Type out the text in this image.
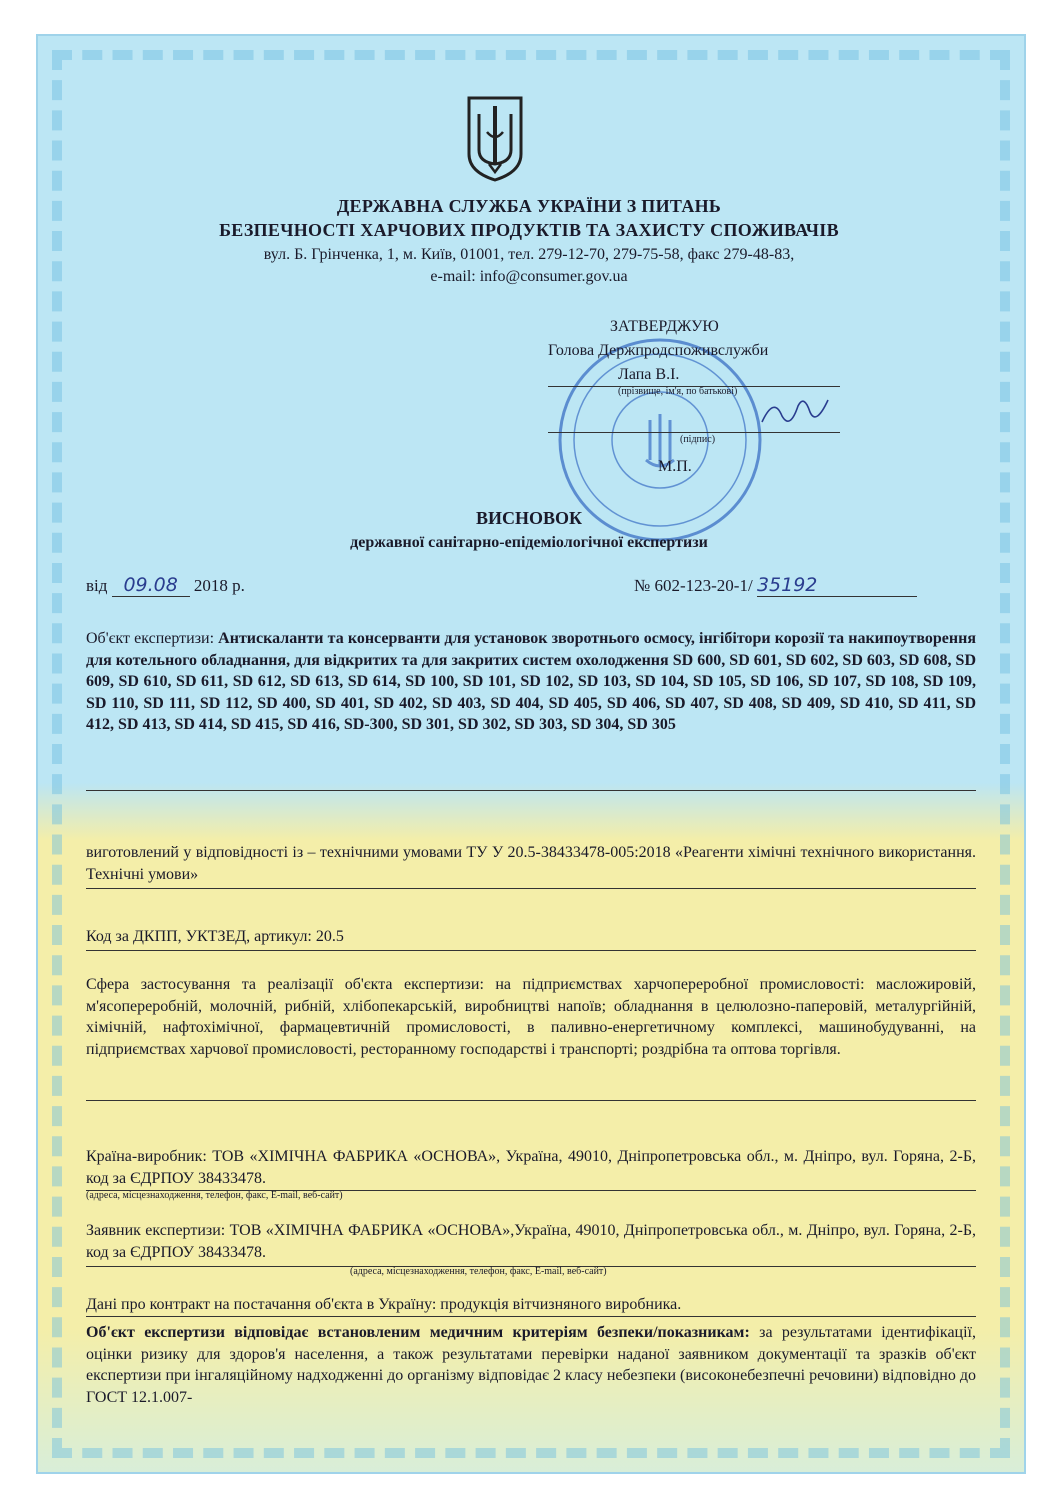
ДЕРЖАВНА СЛУЖБА УКРАЇНИ З ПИТАНЬ
БЕЗПЕЧНОСТІ ХАРЧОВИХ ПРОДУКТІВ ТА ЗАХИСТУ СПОЖИВАЧІВ
вул. Б. Грінченка, 1, м. Київ, 01001, тел. 279-12-70, 279-75-58, факс 279-48-83,
e-mail: info@consumer.gov.ua
ЗАТВЕРДЖУЮ
Голова Держпродспоживслужби
Лапа В.І.
(прізвище, ім'я, по батькові)
(підпис)
М.П.
ВИСНОВОК
державної санітарно-епідеміологічної експертизи
від 09.08 2018 р.	№ 602-123-20-1/ 35192
Об'єкт експертизи: Антискаланти та консерванти для установок зворотнього осмосу, інгібітори корозії та накипоутворення для котельного обладнання, для відкритих та для закритих систем охолодження SD 600, SD 601, SD 602, SD 603, SD 608, SD 609, SD 610, SD 611, SD 612, SD 613, SD 614, SD 100, SD 101, SD 102, SD 103, SD 104, SD 105, SD 106, SD 107, SD 108, SD 109, SD 110, SD 111, SD 112, SD 400, SD 401, SD 402, SD 403, SD 404, SD 405, SD 406, SD 407, SD 408, SD 409, SD 410, SD 411, SD 412, SD 413, SD 414, SD 415, SD 416, SD-300, SD 301, SD 302, SD 303, SD 304, SD 305
виготовлений у відповідності із – технічними умовами ТУ У 20.5-38433478-005:2018 «Реагенти хімічні технічного використання. Технічні умови»
Код за ДКПП, УКТЗЕД, артикул: 20.5
Сфера застосування та реалізації об'єкта експертизи: на підприємствах харчопереробної промисловості: масложировій, м'ясопереробній, молочній, рибній, хлібопекарській, виробництві напоїв; обладнання в целюлозно-паперовій, металургійній, хімічній, нафтохімічної, фармацевтичній промисловості, в паливно-енергетичному комплексі, машинобудуванні, на підприємствах харчової промисловості, ресторанному господарстві і транспорті; роздрібна та оптова торгівля.
Країна-виробник: ТОВ «ХІМІЧНА ФАБРИКА «ОСНОВА», Україна, 49010, Дніпропетровська обл., м. Дніпро, вул. Горяна, 2-Б, код за ЄДРПОУ 38433478.
(адреса, місцезнаходження, телефон, факс, E-mail, веб-сайт)
Заявник експертизи: ТОВ «ХІМІЧНА ФАБРИКА «ОСНОВА»,Україна, 49010, Дніпропетровська обл., м. Дніпро, вул. Горяна, 2-Б, код за ЄДРПОУ 38433478.
(адреса, місцезнаходження, телефон, факс, E-mail, веб-сайт)
Дані про контракт на постачання об'єкта в Україну: продукція вітчизняного виробника.
Об'єкт експертизи відповідає встановленим медичним критеріям безпеки/показникам: за результатами ідентифікації, оцінки ризику для здоров'я населення, а також результатами перевірки наданої заявником документації та зразків об'єкт експертизи при інгаляційному надходженні до організму відповідає 2 класу небезпеки (високонебезпечні речовини) відповідно до ГОСТ 12.1.007-
